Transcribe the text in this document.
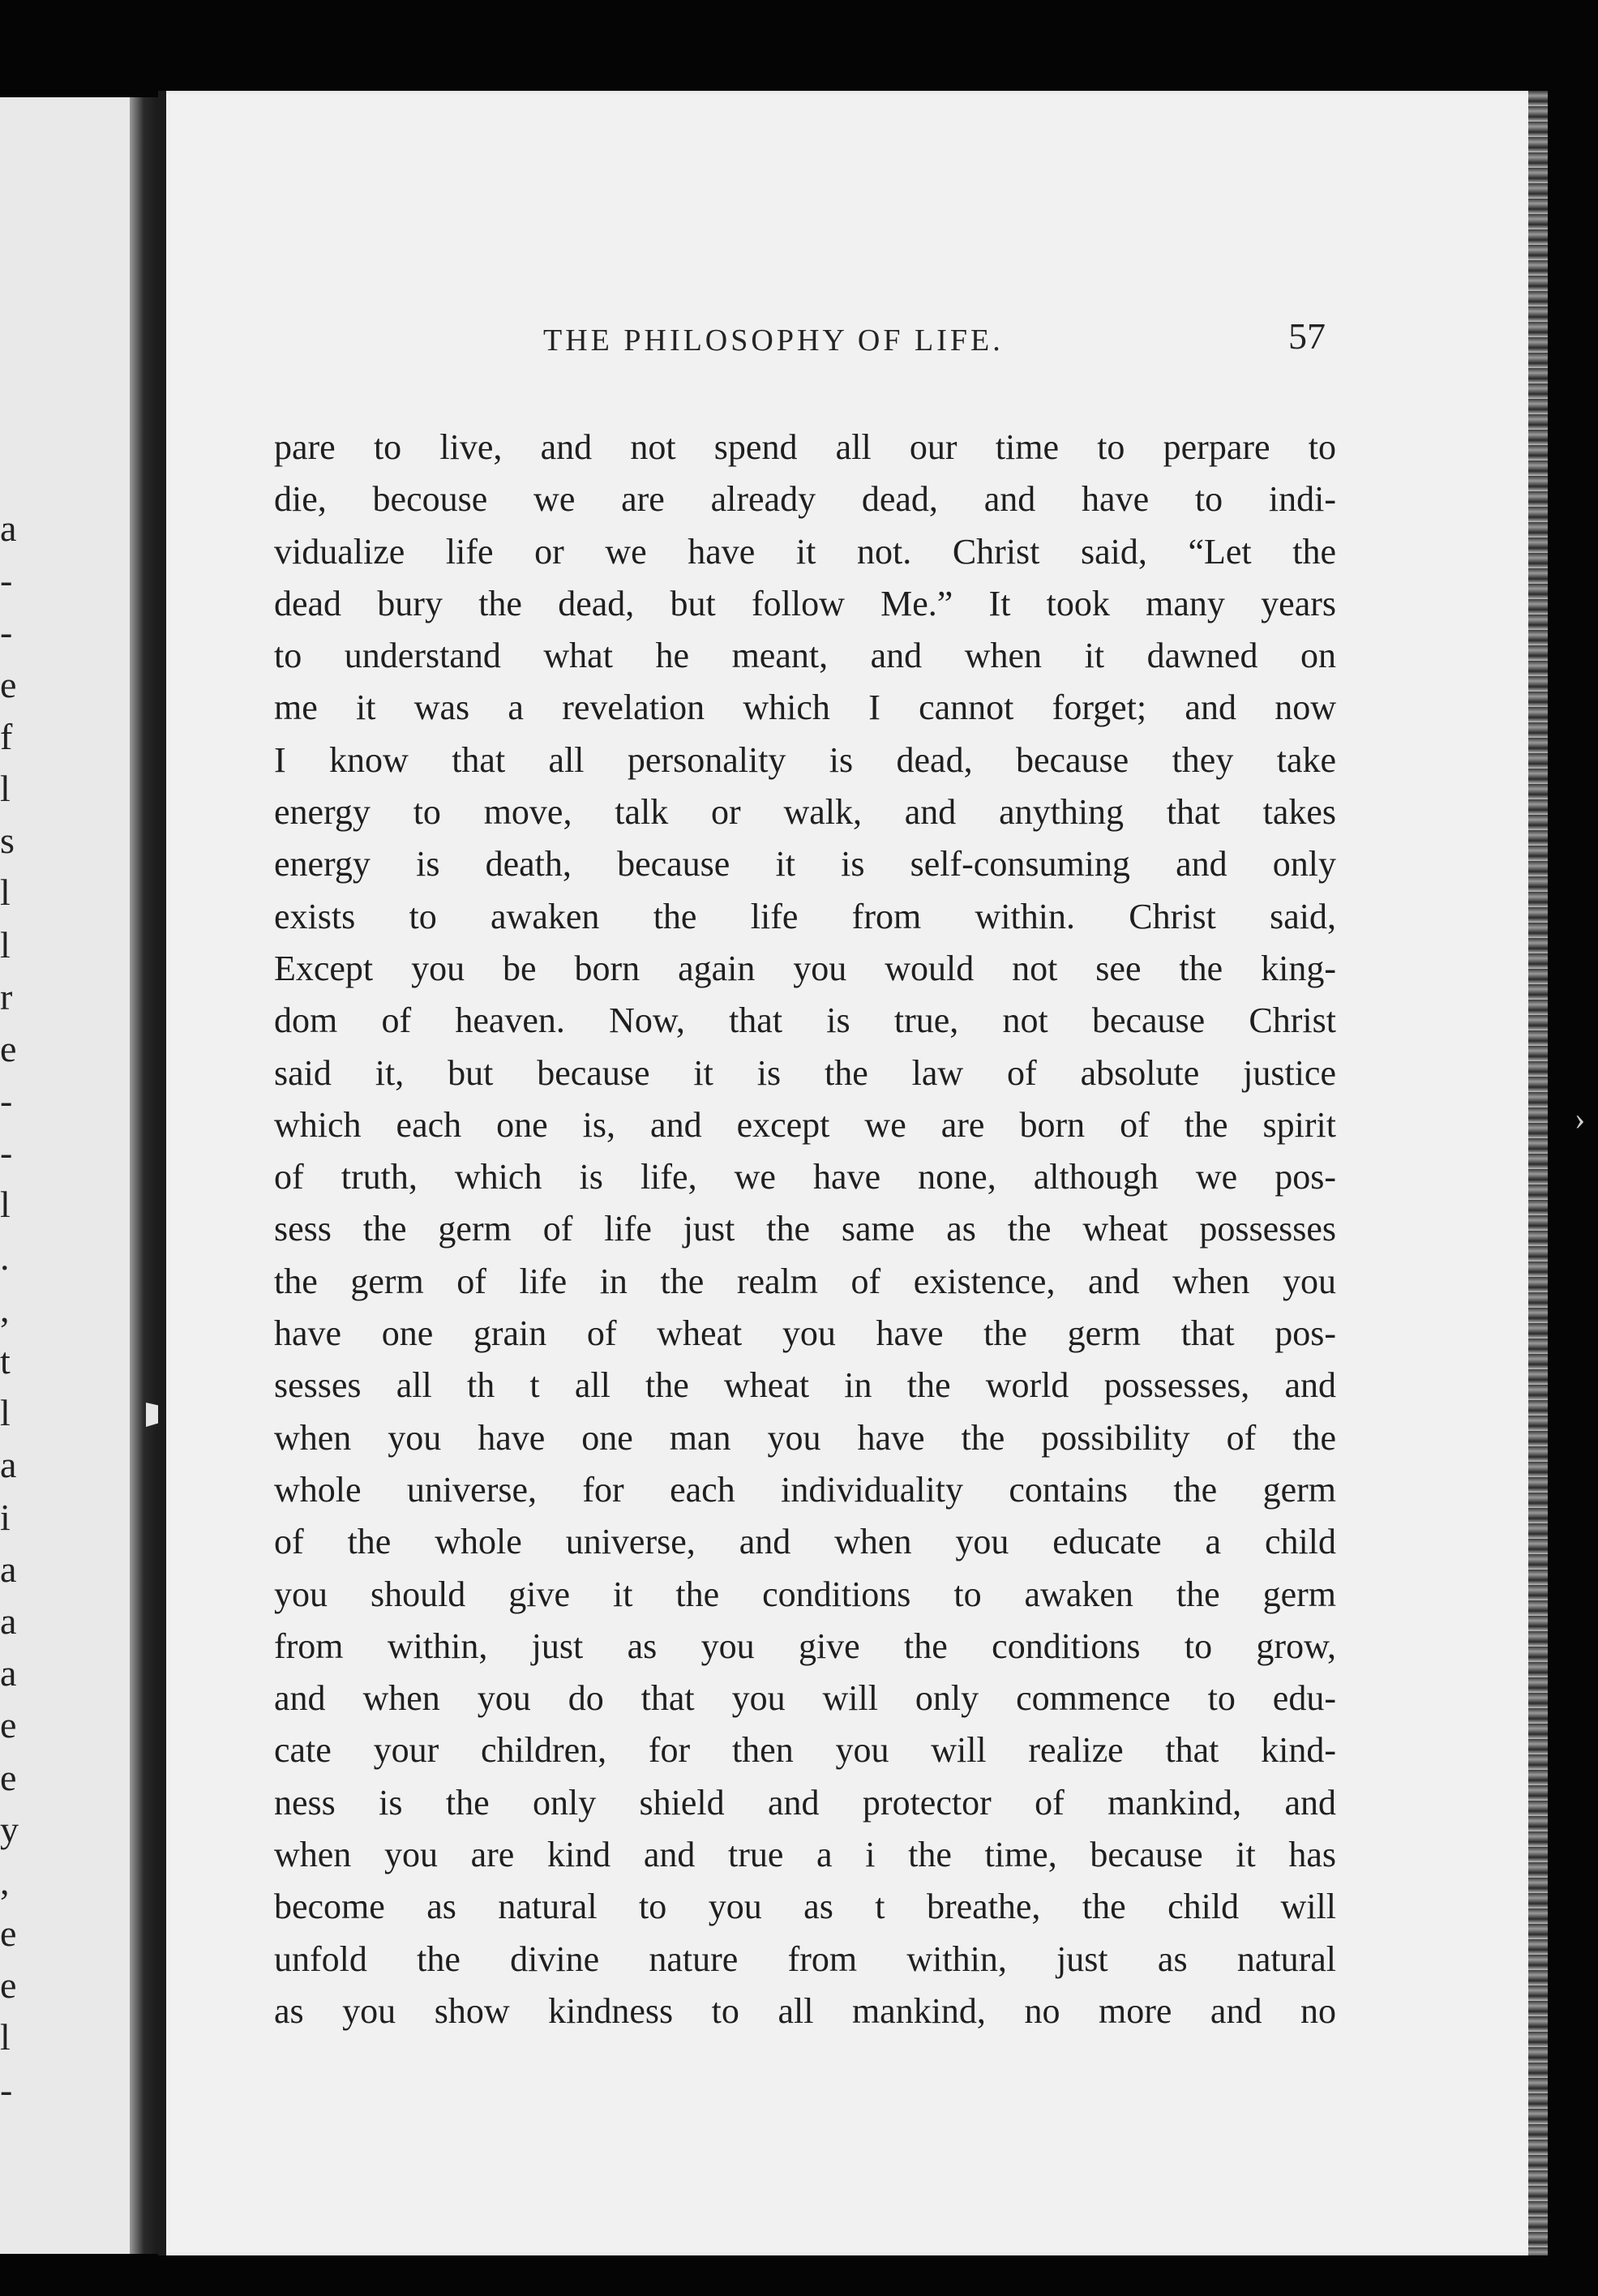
a
-
-
e
f
l
s
l
l
r
e
-
-
l
.
,
t
l
a
i
a
a
a
e
e
y
,
e
e
l
-
›
THE PHILOSOPHY OF LIFE.	57
pare to live, and not spend all our time to perpare to
die, becouse we are already dead, and have to indi-
vidualize life or we have it not. Christ said, “Let the
dead bury the dead, but follow Me.” It took many years
to understand what he meant, and when it dawned on
me it was a revelation which I cannot forget; and now
I know that all personality is dead, because they take
energy to move, talk or walk, and anything that takes
energy is death, because it is self-consuming and only
exists to awaken the life from within. Christ said,
Except you be born again you would not see the king-
dom of heaven. Now, that is true, not because Christ
said it, but because it is the law of absolute justice
which each one is, and except we are born of the spirit
of truth, which is life, we have none, although we pos-
sess the germ of life just the same as the wheat possesses
the germ of life in the realm of existence, and when you
have one grain of wheat you have the germ that pos-
sesses all th t all the wheat in the world possesses, and
when you have one man you have the possibility of the
whole universe, for each individuality contains the germ
of the whole universe, and when you educate a child
you should give it the conditions to awaken the germ
from within, just as you give the conditions to grow,
and when you do that you will only commence to edu-
cate your children, for then you will realize that kind-
ness is the only shield and protector of mankind, and
when you are kind and true a i the time, because it has
become as natural to you as t breathe, the child will
unfold the divine nature from within, just as natural
as you show kindness to all mankind, no more and no
